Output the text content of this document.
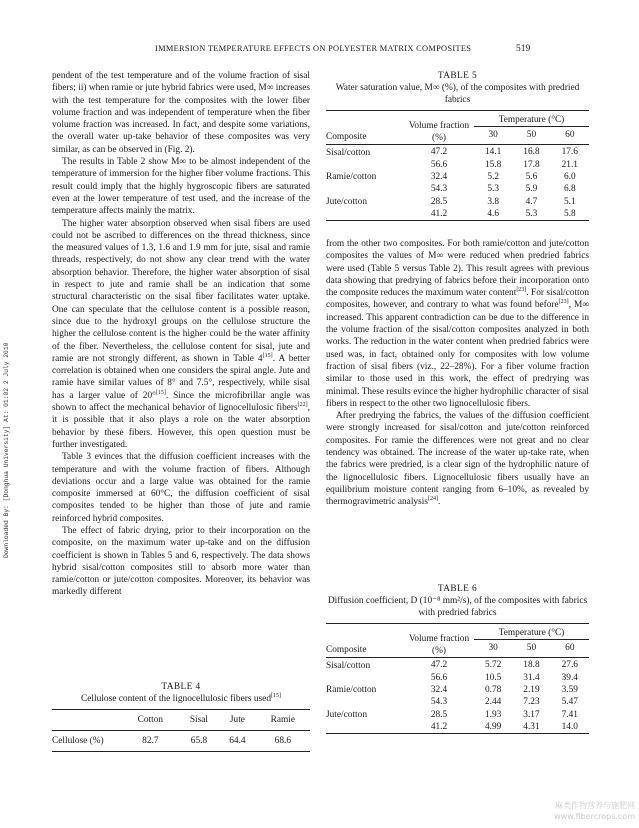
IMMERSION TEMPERATURE EFFECTS ON POLYESTER MATRIX COMPOSITES	519
Downloaded By: [Donghua University] At: 01:02 2 July 2010

pendent of the test temperature and of the volume fraction of sisal fibers; ii) when ramie or jute hybrid fabrics were used, M∞ increases with the test temperature for the composites with the lower fiber volume fraction and was independent of temperature when the fiber volume fraction was increased. In fact, and despite some variations, the overall water up-take behavior of these composites was very similar, as can be observed in (Fig. 2).

The results in Table 2 show M∞ to be almost independent of the temperature of immersion for the higher fiber volume fractions. This result could imply that the highly hygroscopic fibers are saturated even at the lower temperature of test used, and the increase of the temperature affects mainly the matrix.

The higher water absorption observed when sisal fibers are used could not be ascribed to differences on the thread thickness, since the measured values of 1.3, 1.6 and 1.9 mm for jute, sisal and ramie threads, respectively, do not show any clear trend with the water absorption behavior. Therefore, the higher water absorption of sisal in respect to jute and ramie shall be an indication that some structural characteristic on the sisal fiber facilitates water uptake. One can speculate that the cellulose content is a possible reason, since due to the hydroxyl groups on the cellulose structure the higher the cellulose content is the higher could be the water affinity of the fiber. Nevertheless, the cellulose content for sisal, jute and ramie are not strongly different, as shown in Table 4[15]. A better correlation is obtained when one considers the spiral angle. Jute and ramie have similar values of 8° and 7.5°, respectively, while sisal has a larger value of 20°[15]. Since the microfibrillar angle was shown to affect the mechanical behavior of lignocellulosic fibers[22], it is possible that it also plays a role on the water absorption behavior by these fibers. However, this open question must be further investigated.

Table 3 evinces that the diffusion coefficient increases with the temperature and with the volume fraction of fibers. Although deviations occur and a large value was obtained for the ramie composite immersed at 60°C, the diffusion coefficient of sisal composites tended to be higher than those of jute and ramie reinforced hybrid composites.

The effect of fabric drying, prior to their incorporation on the composite, on the maximum water up-take and on the diffusion coefficient is shown in Tables 5 and 6, respectively. The data shows hybrid sisal/cotton composites still to absorb more water than ramie/cotton or jute/cotton composites. Moreover, its behavior was markedly different

TABLE 4
Cellulose content of the lignocellulosic fibers used[15]
	Cotton	Sisal	Jute	Ramie
Cellulose (%)	82.7	65.8	64.4	68.6
TABLE 5
Water saturation value, M∞ (%), of the composites with predried fabrics
Composite	Volume fraction (%)	Temperature (°C)		
		30	50	60
Sisal/cotton	47.2	14.1	16.8	17.6
	56.6	15.8	17.8	21.1
Ramie/cotton	32.4	5.2	5.6	6.0
	54.3	5.3	5.9	6.8
Jute/cotton	28.5	3.8	4.7	5.1
	41.2	4.6	5.3	5.8

from the other two composites. For both ramie/cotton and jute/cotton composites the values of M∞ were reduced when predried fabrics were used (Table 5 versus Table 2). This result agrees with previous data showing that predrying of fabrics before their incorporation onto the composite reduces the maximum water content[23]. For sisal/cotton composites, however, and contrary to what was found before[23], M∞ increased. This apparent contradiction can be due to the difference in the volume fraction of the sisal/cotton composites analyzed in both works. The reduction in the water content when predried fabrics were used was, in fact, obtained only for composites with low volume fraction of sisal fibers (viz., 22–28%). For a fiber volume fraction similar to those used in this work, the effect of predrying was minimal. These results evince the higher hydrophilic character of sisal fibers in respect to the other two lignocellulosic fibers.

After predrying the fabrics, the values of the diffusion coefficient were strongly increased for sisal/cotton and jute/cotton reinforced composites. For ramie the differences were not great and no clear tendency was obtained. The increase of the water up-take rate, when the fabrics were predried, is a clear sign of the hydrophilic nature of the lignocellulosic fibers. Lignocellulosic fibers usually have an equilibrium moisture content ranging from 6–10%, as revealed by thermogravimetric analysis[24].

TABLE 6
Diffusion coefficient, D (10⁻⁸ mm²/s), of the composites with fabrics with predried fabrics
Composite	Volume fraction (%)	Temperature (°C)		
		30	50	60
Sisal/cotton	47.2	5.72	18.8	27.6
	56.6	10.5	31.4	39.4
Ramie/cotton	32.4	0.78	2.19	3.59
	54.3	2.44	7.23	5.47
Jute/cotton	28.5	1.93	3.17	7.41
	41.2	4.99	4.31	14.0
麻类作物营养与施肥网 www.fibercrops.com
